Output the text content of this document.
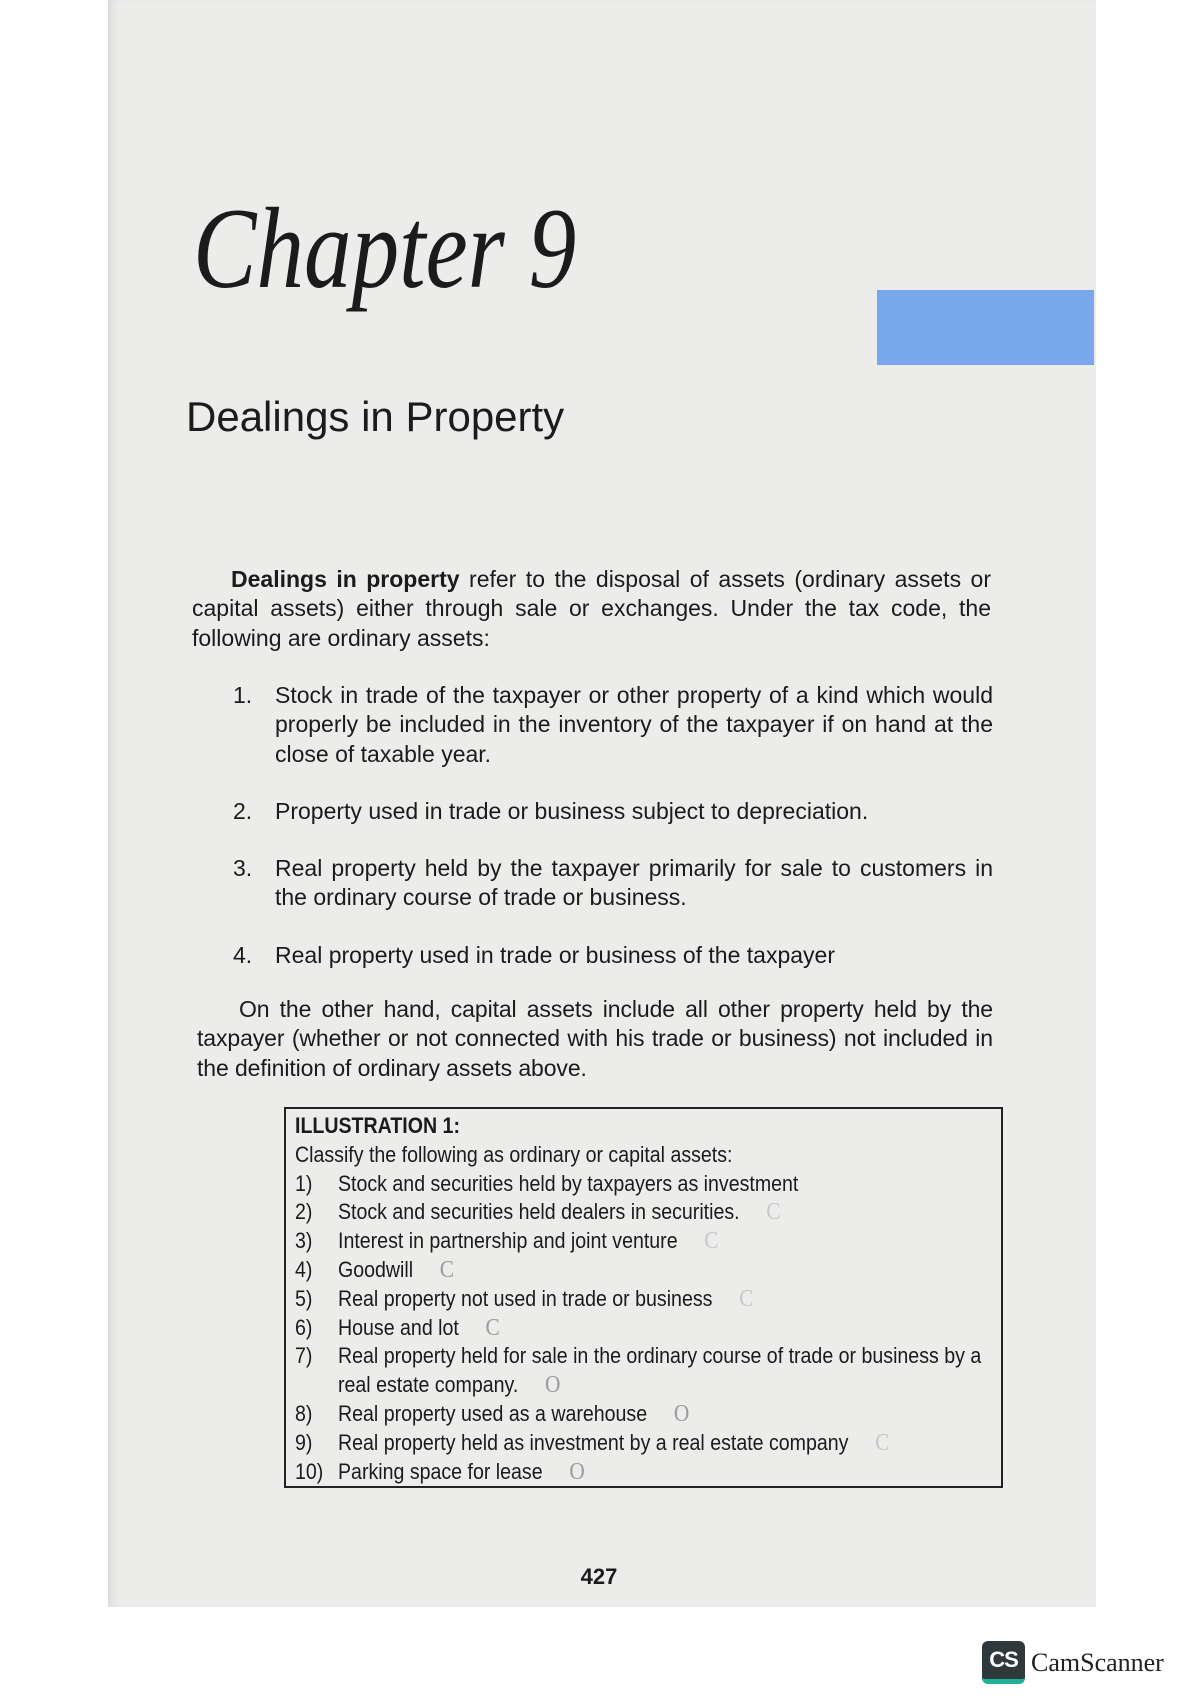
Chapter 9
Dealings in Property
Dealings in property refer to the disposal of assets (ordinary assets or
capital assets) either through sale or exchanges. Under the tax code, the
following are ordinary assets:
1. Stock in trade of the taxpayer or other property of a kind which would
properly be included in the inventory of the taxpayer if on hand at the
close of taxable year.
2. Property used in trade or business subject to depreciation.
3. Real property held by the taxpayer primarily for sale to customers in
the ordinary course of trade or business.
4. Real property used in trade or business of the taxpayer
On the other hand, capital assets include all other property held by the
taxpayer (whether or not connected with his trade or business) not included in
the definition of ordinary assets above.
ILLUSTRATION 1:
Classify the following as ordinary or capital assets:
1)	Stock and securities held by taxpayers as investment
2)	Stock and securities held dealers in securities. C
3)	Interest in partnership and joint venture C
4)	Goodwill C
5)	Real property not used in trade or business C
6)	House and lot C
7)	Real property held for sale in the ordinary course of trade or business by a
real estate company. O
8)	Real property used as a warehouse O
9)	Real property held as investment by a real estate company C
10) Parking space for lease O
427
CS CamScanner
